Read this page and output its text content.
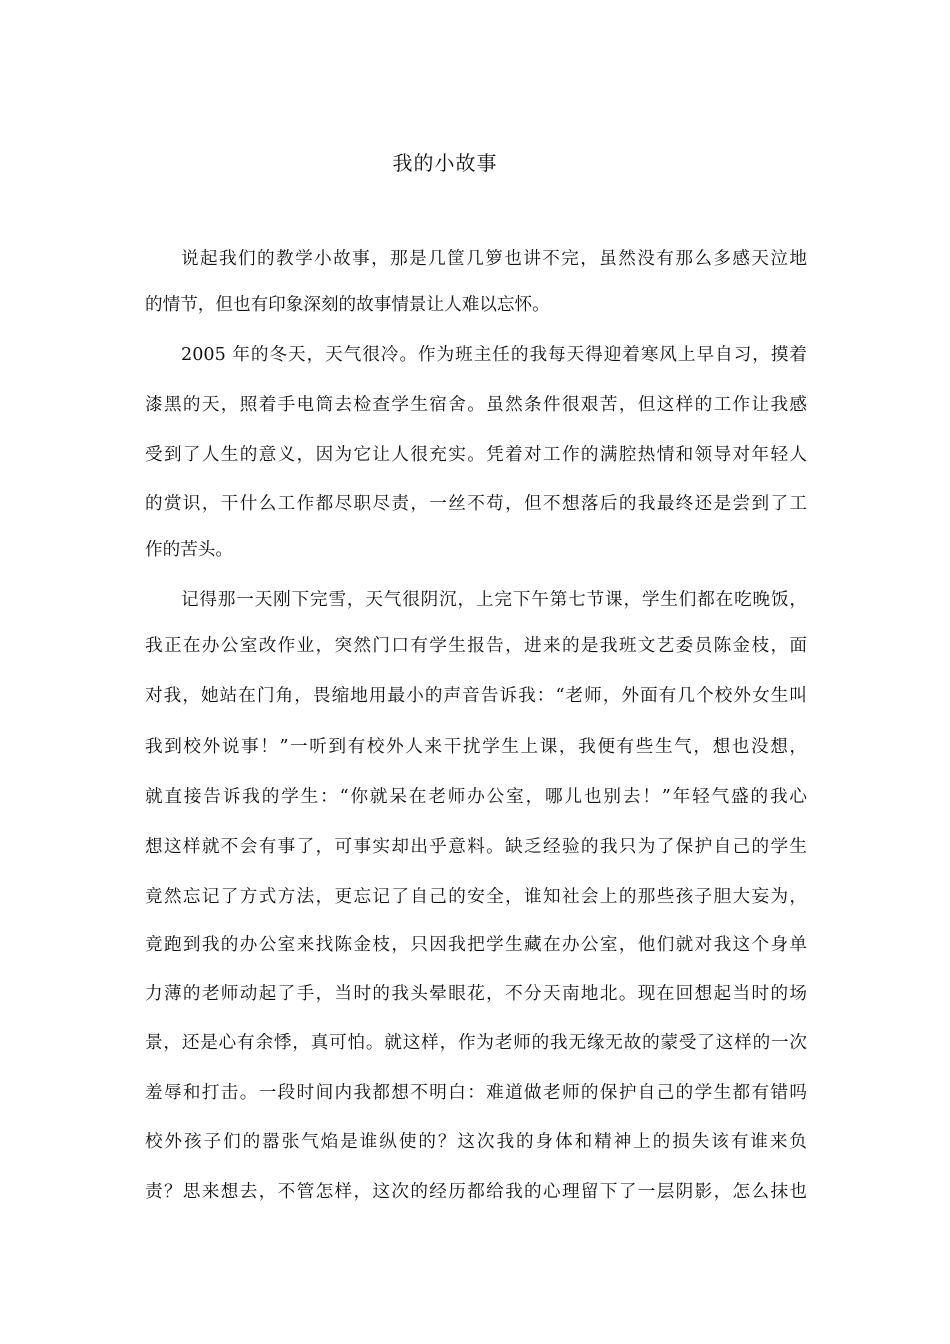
我的小故事
说起我们的教学小故事，那是几筐几箩也讲不完，虽然没有那么多感天泣地
的情节，但也有印象深刻的故事情景让人难以忘怀。
2005 年的冬天，天气很冷。作为班主任的我每天得迎着寒风上早自习，摸着
漆黑的天，照着手电筒去检查学生宿舍。虽然条件很艰苦，但这样的工作让我感
受到了人生的意义，因为它让人很充实。凭着对工作的满腔热情和领导对年轻人
的赏识，干什么工作都尽职尽责，一丝不苟，但不想落后的我最终还是尝到了工
作的苦头。
记得那一天刚下完雪，天气很阴沉，上完下午第七节课，学生们都在吃晚饭，
我正在办公室改作业，突然门口有学生报告，进来的是我班文艺委员陈金枝，面
对我，她站在门角，畏缩地用最小的声音告诉我：“老师，外面有几个校外女生叫
我到校外说事！”一听到有校外人来干扰学生上课，我便有些生气，想也没想，
就直接告诉我的学生：“你就呆在老师办公室，哪儿也别去！”年轻气盛的我心
想这样就不会有事了，可事实却出乎意料。缺乏经验的我只为了保护自己的学生
竟然忘记了方式方法，更忘记了自己的安全，谁知社会上的那些孩子胆大妄为，
竟跑到我的办公室来找陈金枝，只因我把学生藏在办公室，他们就对我这个身单
力薄的老师动起了手，当时的我头晕眼花，不分天南地北。现在回想起当时的场
景，还是心有余悸，真可怕。就这样，作为老师的我无缘无故的蒙受了这样的一次
羞辱和打击。一段时间内我都想不明白：难道做老师的保护自己的学生都有错吗
校外孩子们的嚣张气焰是谁纵使的？这次我的身体和精神上的损失该有谁来负
责？思来想去，不管怎样，这次的经历都给我的心理留下了一层阴影，怎么抹也
